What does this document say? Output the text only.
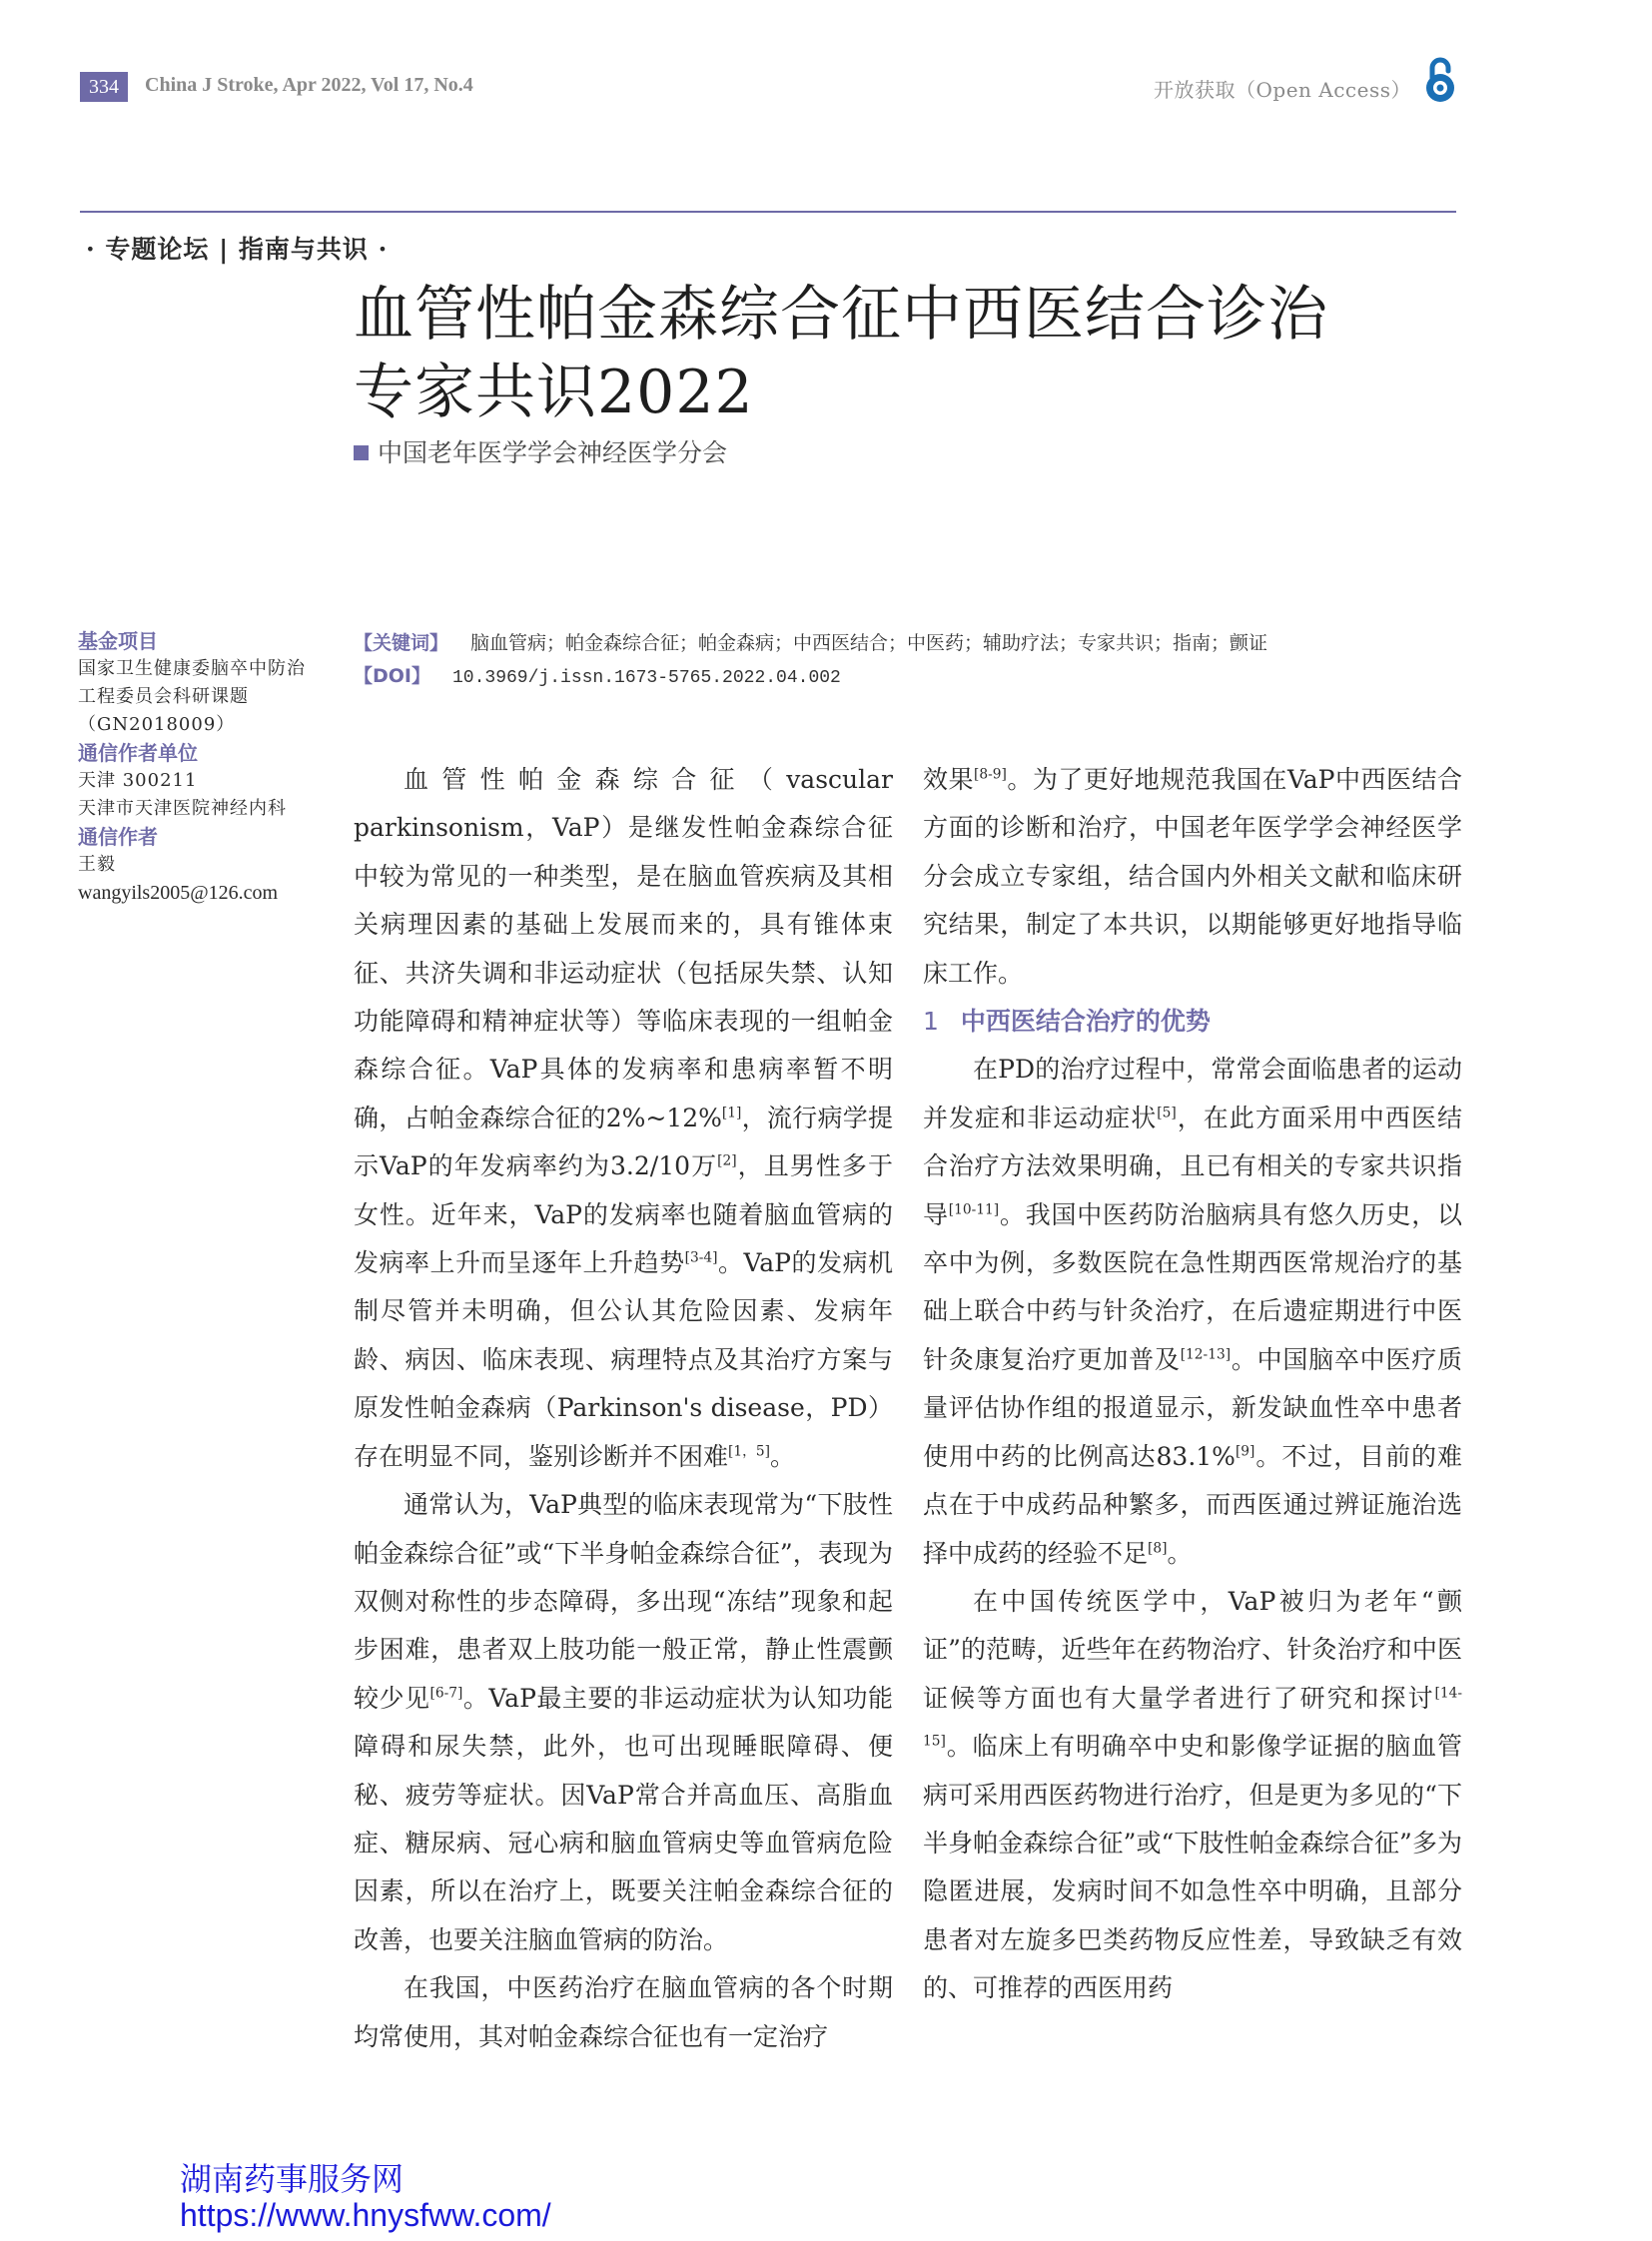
334	China J Stroke, Apr 2022, Vol 17, No.4	开放获取（Open Access）
· 专题论坛 | 指南与共识 ·
血管性帕金森综合征中西医结合诊治
专家共识2022
中国老年医学学会神经医学分会
基金项目
国家卫生健康委脑卒中防治工程委员会科研课题（GN2018009）
通信作者单位
天津 300211
天津市天津医院神经内科
通信作者
王毅
wangyils2005@126.com
【关键词】 脑血管病；帕金森综合征；帕金森病；中西医结合；中医药；辅助疗法；专家共识；指南；颤证
【DOI】 10.3969/j.issn.1673-5765.2022.04.002

血管性帕金森综合征（vascular parkinsonism，VaP）是继发性帕金森综合征中较为常见的一种类型，是在脑血管疾病及其相关病理因素的基础上发展而来的，具有锥体束征、共济失调和非运动症状（包括尿失禁、认知功能障碍和精神症状等）等临床表现的一组帕金森综合征。VaP具体的发病率和患病率暂不明确，占帕金森综合征的2%~12%[1]，流行病学提示VaP的年发病率约为3.2/10万[2]，且男性多于女性。近年来，VaP的发病率也随着脑血管病的发病率上升而呈逐年上升趋势[3-4]。VaP的发病机制尽管并未明确，但公认其危险因素、发病年龄、病因、临床表现、病理特点及其治疗方案与原发性帕金森病（Parkinson's disease，PD）存在明显不同，鉴别诊断并不困难[1，5]。

通常认为，VaP典型的临床表现常为“下肢性帕金森综合征”或“下半身帕金森综合征”，表现为双侧对称性的步态障碍，多出现“冻结”现象和起步困难，患者双上肢功能一般正常，静止性震颤较少见[6-7]。VaP最主要的非运动症状为认知功能障碍和尿失禁，此外，也可出现睡眠障碍、便秘、疲劳等症状。因VaP常合并高血压、高脂血症、糖尿病、冠心病和脑血管病史等血管病危险因素，所以在治疗上，既要关注帕金森综合征的改善，也要关注脑血管病的防治。

在我国，中医药治疗在脑血管病的各个时期均常使用，其对帕金森综合征也有一定治疗

效果[8-9]。为了更好地规范我国在VaP中西医结合方面的诊断和治疗，中国老年医学学会神经医学分会成立专家组，结合国内外相关文献和临床研究结果，制定了本共识，以期能够更好地指导临床工作。

1 中西医结合治疗的优势

在PD的治疗过程中，常常会面临患者的运动并发症和非运动症状[5]，在此方面采用中西医结合治疗方法效果明确，且已有相关的专家共识指导[10-11]。我国中医药防治脑病具有悠久历史，以卒中为例，多数医院在急性期西医常规治疗的基础上联合中药与针灸治疗，在后遗症期进行中医针灸康复治疗更加普及[12-13]。中国脑卒中医疗质量评估协作组的报道显示，新发缺血性卒中患者使用中药的比例高达83.1%[9]。不过，目前的难点在于中成药品种繁多，而西医通过辨证施治选择中成药的经验不足[8]。

在中国传统医学中，VaP被归为老年“颤证”的范畴，近些年在药物治疗、针灸治疗和中医证候等方面也有大量学者进行了研究和探讨[14-15]。临床上有明确卒中史和影像学证据的脑血管病可采用西医药物进行治疗，但是更为多见的“下半身帕金森综合征”或“下肢性帕金森综合征”多为隐匿进展，发病时间不如急性卒中明确，且部分患者对左旋多巴类药物反应性差，导致缺乏有效的、可推荐的西医用药

湖南药事服务网
https://www.hnysfww.com/
